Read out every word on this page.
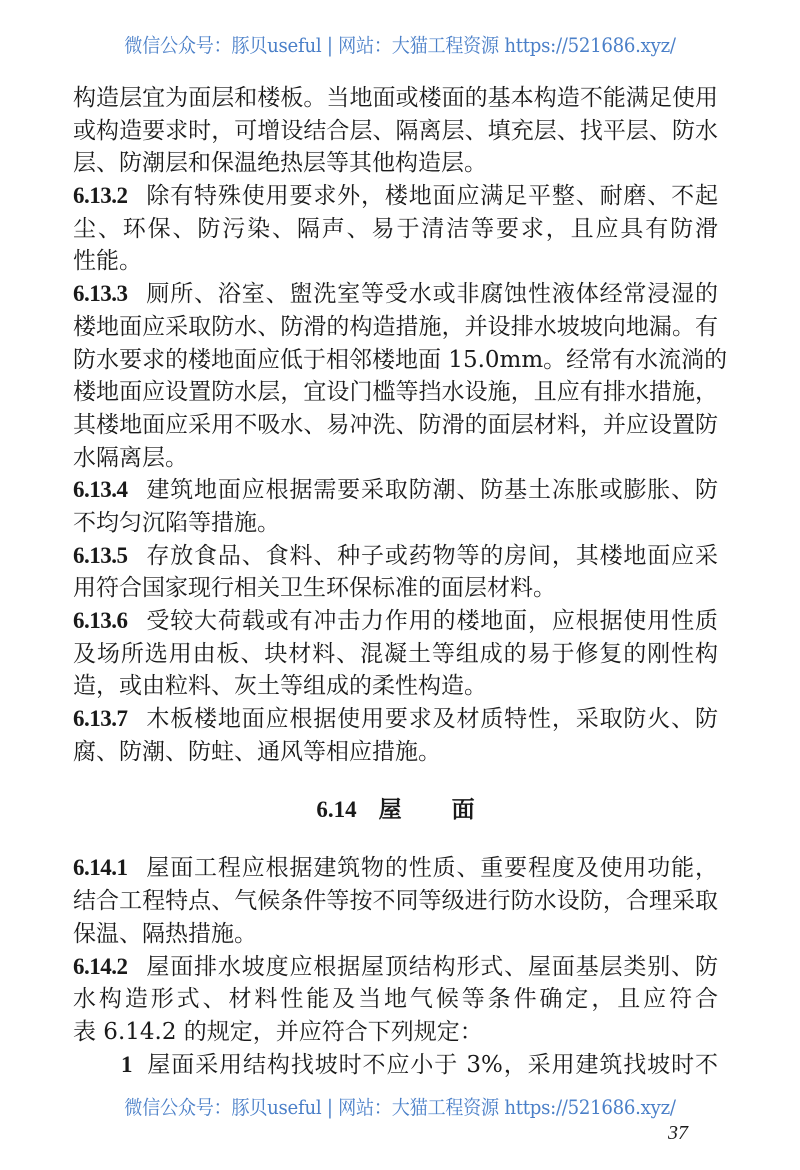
微信公众号：豚贝useful | 网站：大猫工程资源 https://521686.xyz/
构造层宜为面层和楼板。当地面或楼面的基本构造不能满足使用
或构造要求时，可增设结合层、隔离层、填充层、找平层、防水
层、防潮层和保温绝热层等其他构造层。
6.13.2 除有特殊使用要求外，楼地面应满足平整、耐磨、不起
尘、环保、防污染、隔声、易于清洁等要求，且应具有防滑
性能。
6.13.3 厕所、浴室、盥洗室等受水或非腐蚀性液体经常浸湿的
楼地面应采取防水、防滑的构造措施，并设排水坡坡向地漏。有
防水要求的楼地面应低于相邻楼地面 15.0mm。经常有水流淌的
楼地面应设置防水层，宜设门槛等挡水设施，且应有排水措施，
其楼地面应采用不吸水、易冲洗、防滑的面层材料，并应设置防
水隔离层。
6.13.4 建筑地面应根据需要采取防潮、防基土冻胀或膨胀、防
不均匀沉陷等措施。
6.13.5 存放食品、食料、种子或药物等的房间，其楼地面应采
用符合国家现行相关卫生环保标准的面层材料。
6.13.6 受较大荷载或有冲击力作用的楼地面，应根据使用性质
及场所选用由板、块材料、混凝土等组成的易于修复的刚性构
造，或由粒料、灰土等组成的柔性构造。
6.13.7 木板楼地面应根据使用要求及材质特性，采取防火、防
腐、防潮、防蛀、通风等相应措施。
6.14 屋 面
6.14.1 屋面工程应根据建筑物的性质、重要程度及使用功能，
结合工程特点、气候条件等按不同等级进行防水设防，合理采取
保温、隔热措施。
6.14.2 屋面排水坡度应根据屋顶结构形式、屋面基层类别、防
水构造形式、材料性能及当地气候等条件确定，且应符合
表 6.14.2 的规定，并应符合下列规定：
1 屋面采用结构找坡时不应小于 3%，采用建筑找坡时不
微信公众号：豚贝useful | 网站：大猫工程资源 https://521686.xyz/
37
